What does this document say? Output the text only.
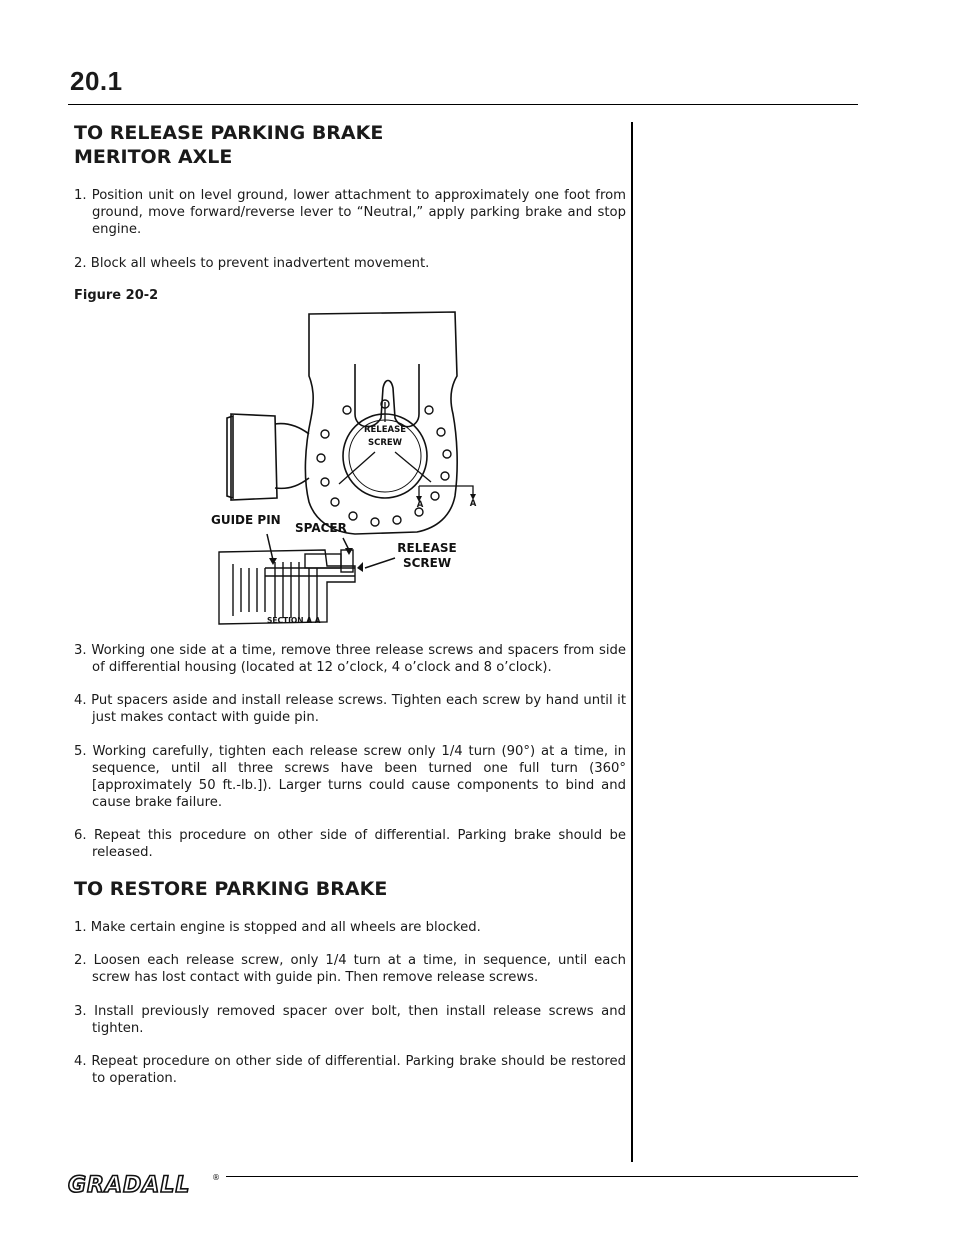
20.1
TO RELEASE PARKING BRAKE
MERITOR AXLE

1. Position unit on level ground, lower attachment to approximately one foot from ground, move forward/reverse lever to “Neutral,” apply parking brake and stop engine.

2. Block all wheels to prevent inadvertent movement.

Figure 20-2

RELEASE
SCREW
A	A
GUIDE PIN
SPACER
RELEASE
SCREW
SECTION A A

3. Working one side at a time, remove three release screws and spacers from side of differential housing (located at 12 o’clock, 4 o’clock and 8 o’clock).

4. Put spacers aside and install release screws. Tighten each screw by hand until it just makes contact with guide pin.

5. Working carefully, tighten each release screw only 1/4 turn (90°) at a time, in sequence, until all three screws have been turned one full turn (360° [approximately 50 ft.-lb.]). Larger turns could cause components to bind and cause brake failure.

6. Repeat this procedure on other side of differential. Parking brake should be released.

TO RESTORE PARKING BRAKE

1. Make certain engine is stopped and all wheels are blocked.

2. Loosen each release screw, only 1/4 turn at a time, in sequence, until each screw has lost contact with guide pin. Then remove release screws.

3. Install previously removed spacer over bolt, then install release screws and tighten.

4. Repeat procedure on other side of differential. Parking brake should be restored to operation.

GRADALL	®
